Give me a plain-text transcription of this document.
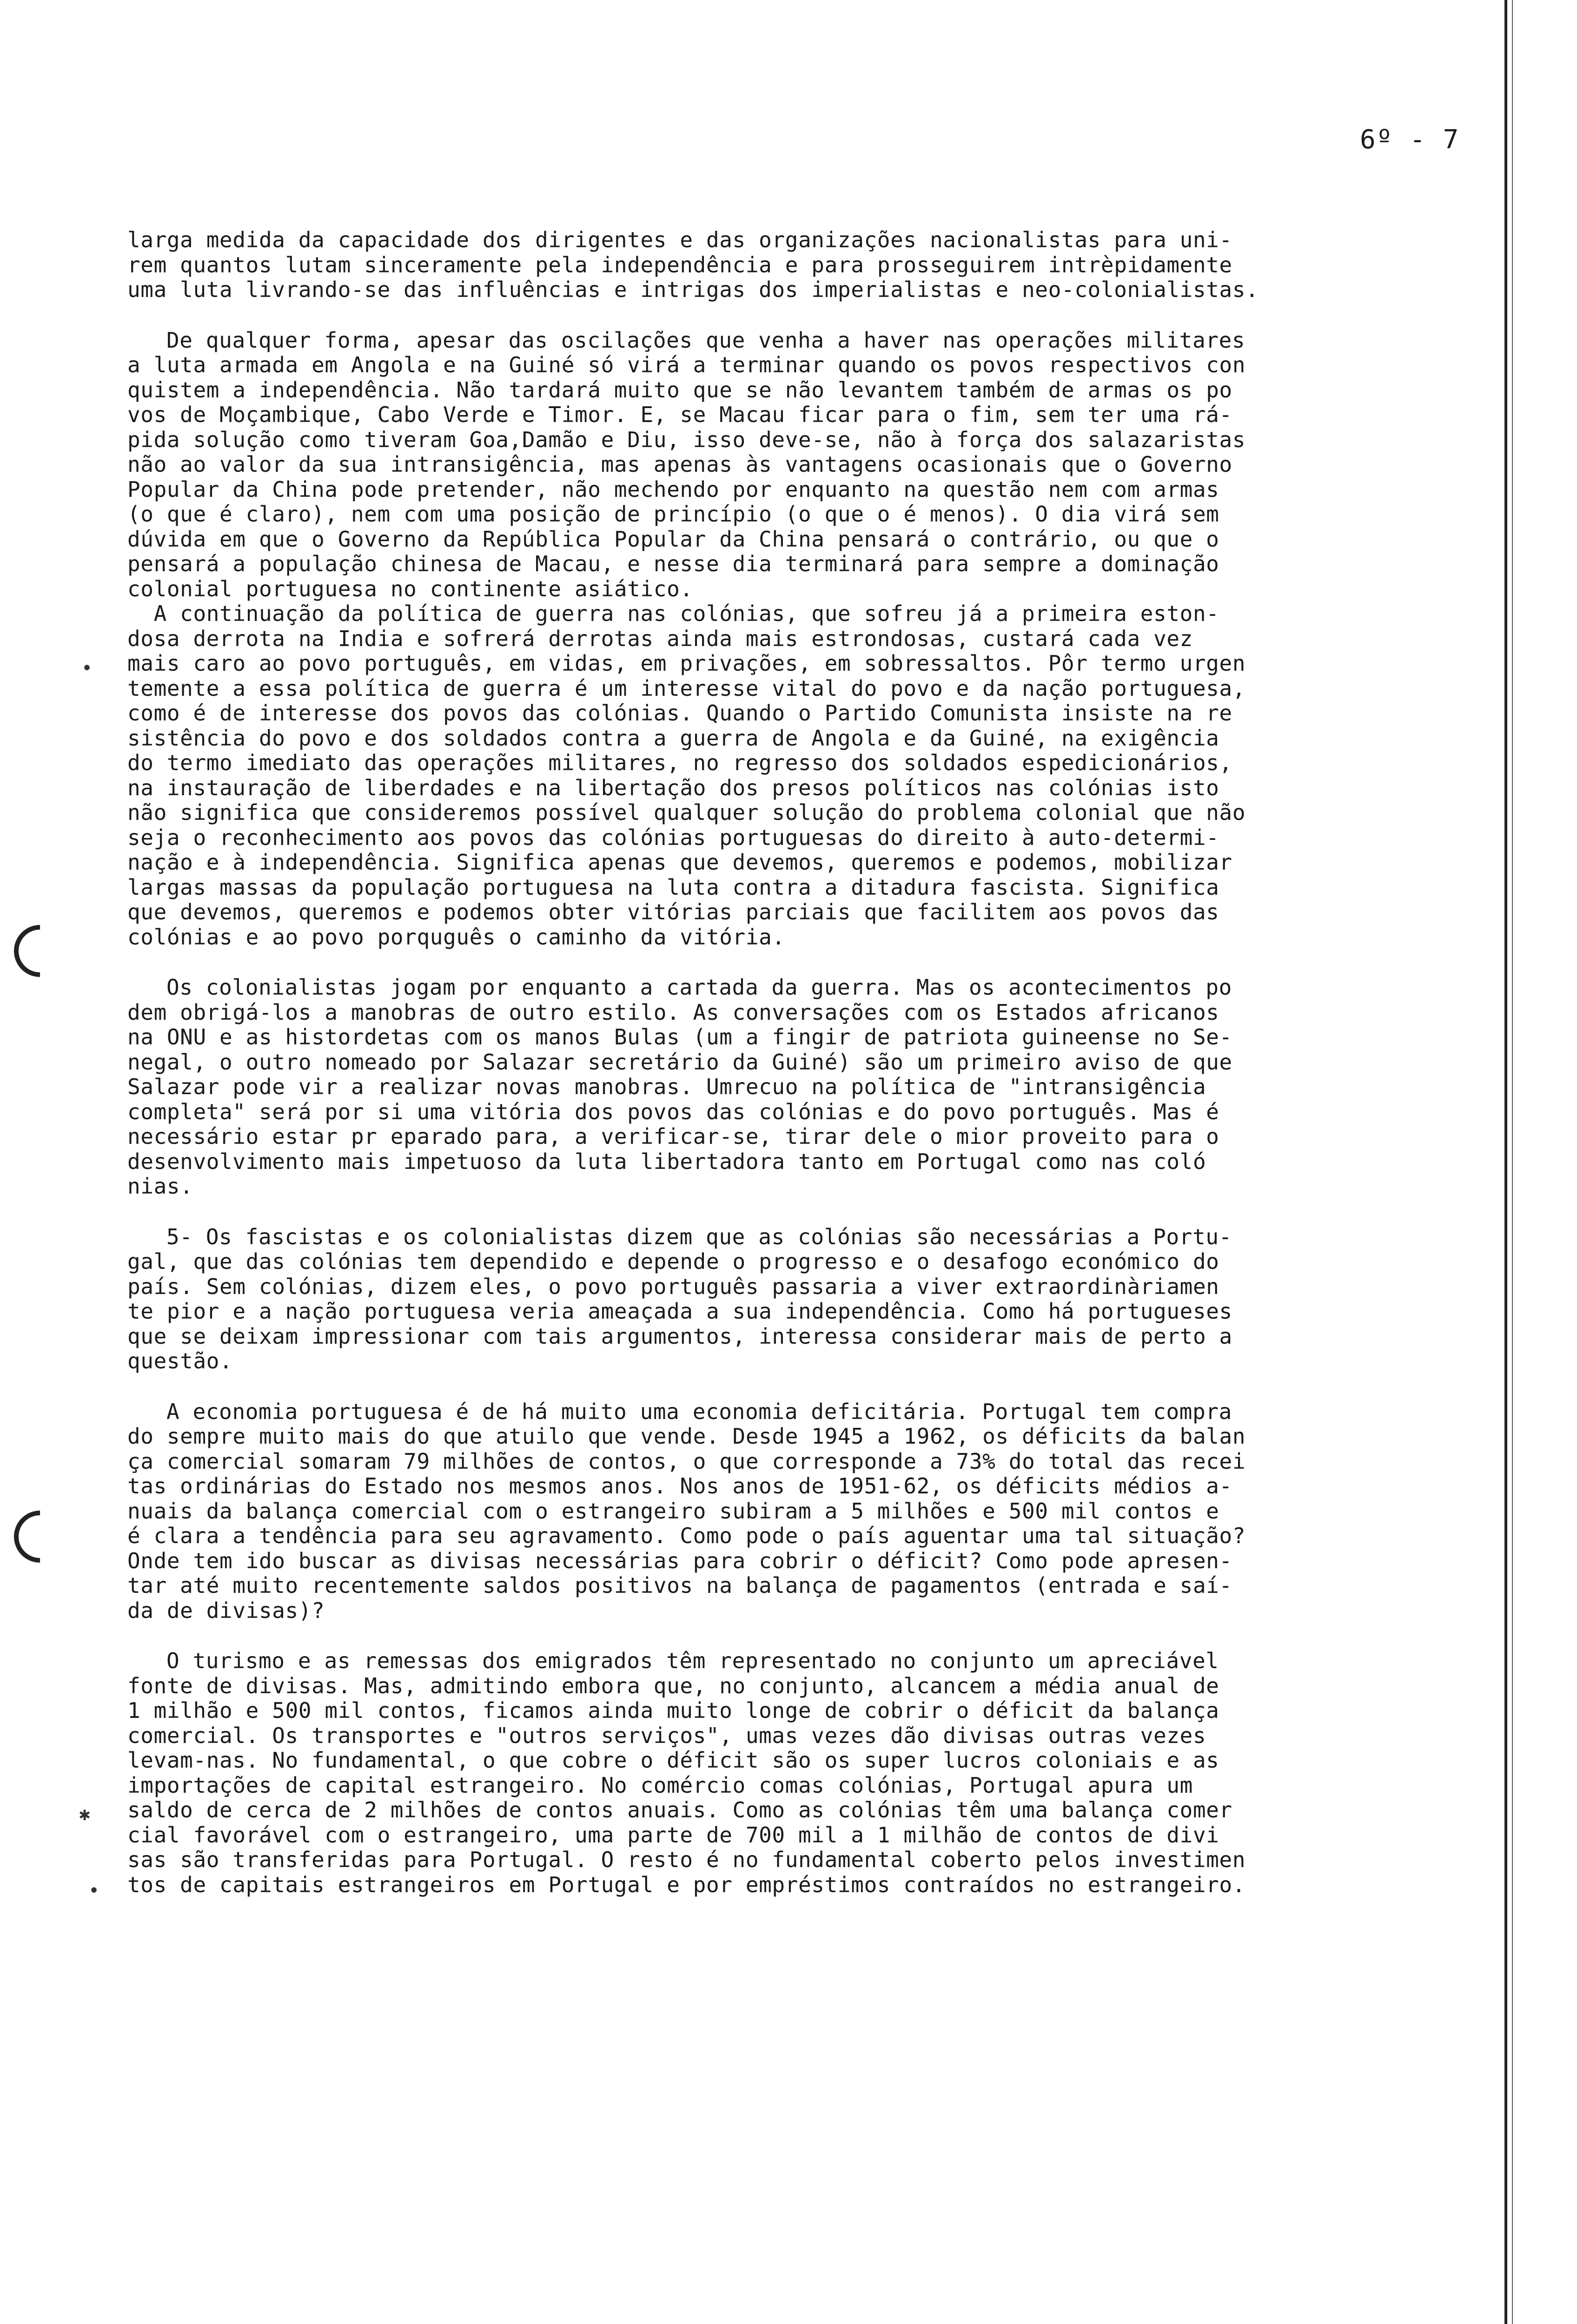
6º - 7
✱
•
•
larga medida da capacidade dos dirigentes e das organizações nacionalistas para uni-
rem quantos lutam sinceramente pela independência e para prosseguirem intrèpidamente
uma luta livrando-se das influências e intrigas dos imperialistas e neo-colonialistas.
De qualquer forma, apesar das oscilações que venha a haver nas operações militares
a luta armada em Angola e na Guiné só virá a terminar quando os povos respectivos con
quistem a independência. Não tardará muito que se não levantem também de armas os po
vos de Moçambique, Cabo Verde e Timor. E, se Macau ficar para o fim, sem ter uma rá-
pida solução como tiveram Goa,Damão e Diu, isso deve-se, não à força dos salazaristas
não ao valor da sua intransigência, mas apenas às vantagens ocasionais que o Governo
Popular da China pode pretender, não mechendo por enquanto na questão nem com armas
(o que é claro), nem com uma posição de princípio (o que o é menos). O dia virá sem
dúvida em que o Governo da República Popular da China pensará o contrário, ou que o
pensará a população chinesa de Macau, e nesse dia terminará para sempre a dominação
colonial portuguesa no continente asiático.
A continuação da política de guerra nas colónias, que sofreu já a primeira eston-
dosa derrota na India e sofrerá derrotas ainda mais estrondosas, custará cada vez
mais caro ao povo português, em vidas, em privações, em sobressaltos. Pôr termo urgen
temente a essa política de guerra é um interesse vital do povo e da nação portuguesa,
como é de interesse dos povos das colónias. Quando o Partido Comunista insiste na re
sistência do povo e dos soldados contra a guerra de Angola e da Guiné, na exigência
do termo imediato das operações militares, no regresso dos soldados espedicionários,
na instauração de liberdades e na libertação dos presos políticos nas colónias isto
não significa que consideremos possível qualquer solução do problema colonial que não
seja o reconhecimento aos povos das colónias portuguesas do direito à auto-determi-
nação e à independência. Significa apenas que devemos, queremos e podemos, mobilizar
largas massas da população portuguesa na luta contra a ditadura fascista. Significa
que devemos, queremos e podemos obter vitórias parciais que facilitem aos povos das
colónias e ao povo porquguês o caminho da vitória.
Os colonialistas jogam por enquanto a cartada da guerra. Mas os acontecimentos po
dem obrigá-los a manobras de outro estilo. As conversações com os Estados africanos
na ONU e as histordetas com os manos Bulas (um a fingir de patriota guineense no Se-
negal, o outro nomeado por Salazar secretário da Guiné) são um primeiro aviso de que
Salazar pode vir a realizar novas manobras. Umrecuo na política de "intransigência
completa" será por si uma vitória dos povos das colónias e do povo português. Mas é
necessário estar pr eparado para, a verificar-se, tirar dele o mior proveito para o
desenvolvimento mais impetuoso da luta libertadora tanto em Portugal como nas coló
nias.
5- Os fascistas e os colonialistas dizem que as colónias são necessárias a Portu-
gal, que das colónias tem dependido e depende o progresso e o desafogo económico do
país. Sem colónias, dizem eles, o povo português passaria a viver extraordinàriamen
te pior e a nação portuguesa veria ameaçada a sua independência. Como há portugueses
que se deixam impressionar com tais argumentos, interessa considerar mais de perto a
questão.
A economia portuguesa é de há muito uma economia deficitária. Portugal tem compra
do sempre muito mais do que atuilo que vende. Desde 1945 a 1962, os déficits da balan
ça comercial somaram 79 milhões de contos, o que corresponde a 73% do total das recei
tas ordinárias do Estado nos mesmos anos. Nos anos de 1951-62, os déficits médios a-
nuais da balança comercial com o estrangeiro subiram a 5 milhões e 500 mil contos e
é clara a tendência para seu agravamento. Como pode o país aguentar uma tal situação?
Onde tem ido buscar as divisas necessárias para cobrir o déficit? Como pode apresen-
tar até muito recentemente saldos positivos na balança de pagamentos (entrada e saí-
da de divisas)?
O turismo e as remessas dos emigrados têm representado no conjunto um apreciável
fonte de divisas. Mas, admitindo embora que, no conjunto, alcancem a média anual de
1 milhão e 500 mil contos, ficamos ainda muito longe de cobrir o déficit da balança
comercial. Os transportes e "outros serviços", umas vezes dão divisas outras vezes
levam-nas. No fundamental, o que cobre o déficit são os super lucros coloniais e as
importações de capital estrangeiro. No comércio comas colónias, Portugal apura um
saldo de cerca de 2 milhões de contos anuais. Como as colónias têm uma balança comer
cial favorável com o estrangeiro, uma parte de 700 mil a 1 milhão de contos de divi
sas são transferidas para Portugal. O resto é no fundamental coberto pelos investimen
tos de capitais estrangeiros em Portugal e por empréstimos contraídos no estrangeiro.
